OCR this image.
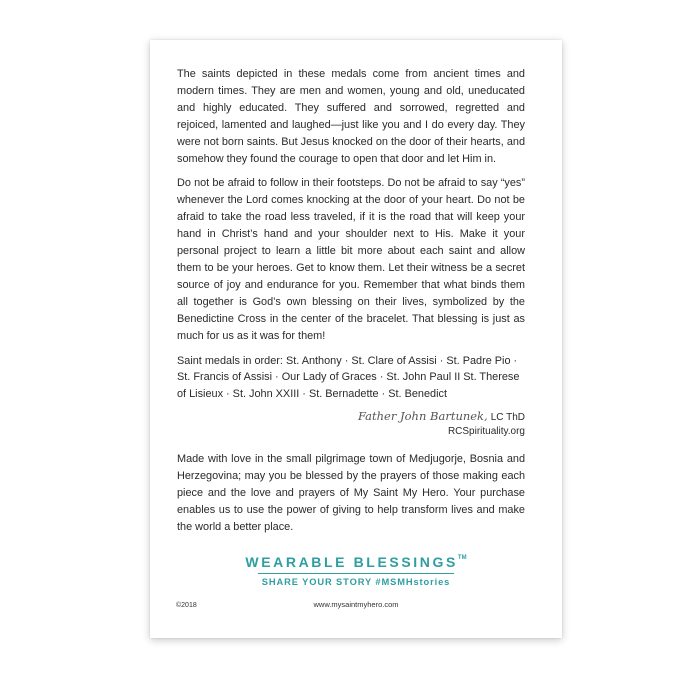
The saints depicted in these medals come from ancient times and modern times. They are men and women, young and old, uneducated and highly educated. They suffered and sorrowed, regretted and rejoiced, lamented and laughed—just like you and I do every day. They were not born saints. But Jesus knocked on the door of their hearts, and somehow they found the courage to open that door and let Him in.

Do not be afraid to follow in their footsteps. Do not be afraid to say “yes” whenever the Lord comes knocking at the door of your heart. Do not be afraid to take the road less traveled, if it is the road that will keep your hand in Christ’s hand and your shoulder next to His. Make it your personal project to learn a little bit more about each saint and allow them to be your heroes. Get to know them. Let their witness be a secret source of joy and endurance for you. Remember that what binds them all together is God’s own blessing on their lives, symbolized by the Benedictine Cross in the center of the bracelet. That blessing is just as much for us as it was for them!

Saint medals in order: St. Anthony · St. Clare of Assisi · St. Padre Pio · St. Francis of Assisi · Our Lady of Graces · St. John Paul II St. Therese of Lisieux · St. John XXIII · St. Bernadette · St. Benedict

Father John Bartunek, LC ThD
RCSpirituality.org

Made with love in the small pilgrimage town of Medjugorje, Bosnia and Herzegovina; may you be blessed by the prayers of those making each piece and the love and prayers of My Saint My Hero. Your purchase enables us to use the power of giving to help transform lives and make the world a better place.

WEARABLE BLESSINGS™
SHARE YOUR STORY #MSMHstories
©2018	www.mysaintmyhero.com
